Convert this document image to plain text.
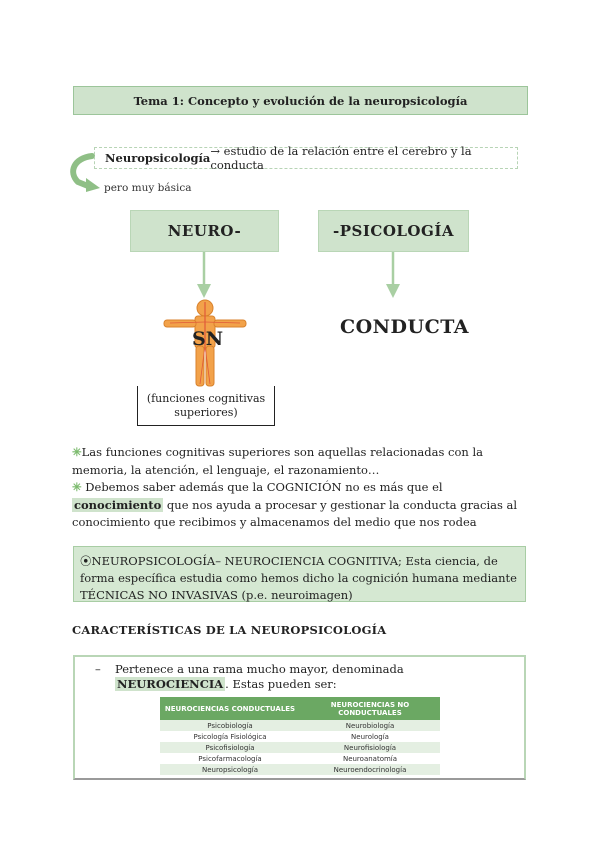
Tema 1: Concepto y evolución de la neuropsicología
Neuropsicología → estudio de la relación entre el cerebro y la conducta
pero muy básica
NEURO-	-PSICOLOGÍA
SN
CONDUCTA
(funciones cognitivas
superiores)
✳Las funciones cognitivas superiores son aquellas relacionadas con la memoria, la atención, el lenguaje, el razonamiento…
✳ Debemos saber además que la COGNICIÓN no es más que el conocimiento que nos ayuda a procesar y gestionar la conducta gracias al conocimiento que recibimos y almacenamos del medio que nos rodea
⦿NEUROPSICOLOGÍA– NEUROCIENCIA COGNITIVA; Esta ciencia, de forma específica estudia como hemos dicho la cognición humana mediante TÉCNICAS NO INVASIVAS (p.e. neuroimagen)
CARACTERÍSTICAS DE LA NEUROPSICOLOGÍA
– Pertenece a una rama mucho mayor, denominada NEUROCIENCIA . Estas pueden ser:
NEUROCIENCIAS CONDUCTUALES	NEUROCIENCIAS NO CONDUCTUALES
Psicobiología	Neurobiología
Psicología Fisiológica	Neurología
Psicofisiología	Neurofisiología
Psicofarmacología	Neuroanatomía
Neuropsicología	Neuroendocrinología
